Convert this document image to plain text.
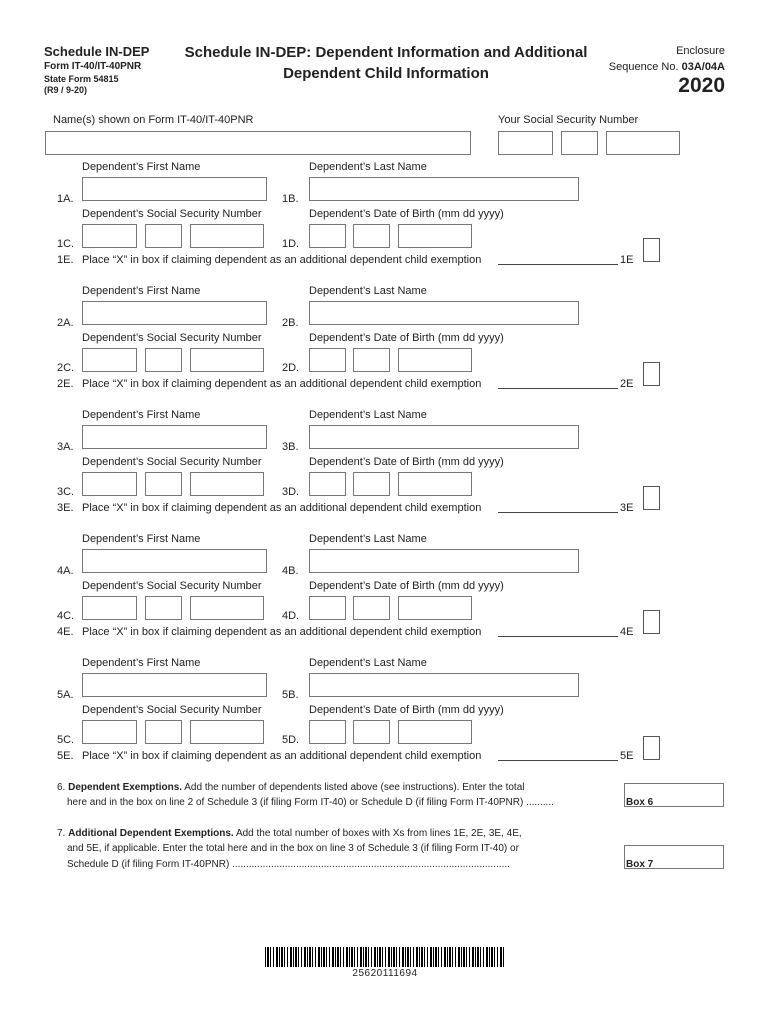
Schedule IN-DEP
Form IT-40/IT-40PNR
State Form 54815
(R9 / 9-20)
Schedule IN-DEP: Dependent Information and Additional
Dependent Child Information
Enclosure
Sequence No. 03A/04A
2020
Name(s) shown on Form IT-40/IT-40PNR	Your Social Security Number
Dependent’s First Name	Dependent’s Last Name
1A.	1B.
Dependent’s Social Security Number	Dependent’s Date of Birth (mm dd yyyy)
1C.	1D.
1E. Place “X” in box if claiming dependent as an additional dependent child exemption	1E
Dependent’s First Name	Dependent’s Last Name
2A.	2B.
Dependent’s Social Security Number	Dependent’s Date of Birth (mm dd yyyy)
2C.	2D.
2E. Place “X” in box if claiming dependent as an additional dependent child exemption	2E
Dependent’s First Name	Dependent’s Last Name
3A.	3B.
Dependent’s Social Security Number	Dependent’s Date of Birth (mm dd yyyy)
3C.	3D.
3E. Place “X” in box if claiming dependent as an additional dependent child exemption	3E
Dependent’s First Name	Dependent’s Last Name
4A.	4B.
Dependent’s Social Security Number	Dependent’s Date of Birth (mm dd yyyy)
4C.	4D.
4E. Place “X” in box if claiming dependent as an additional dependent child exemption	4E
Dependent’s First Name	Dependent’s Last Name
5A.	5B.
Dependent’s Social Security Number	Dependent’s Date of Birth (mm dd yyyy)
5C.	5D.
5E. Place “X” in box if claiming dependent as an additional dependent child exemption	5E
6. Dependent Exemptions. Add the number of dependents listed above (see instructions). Enter the total
here and in the box on line 2 of Schedule 3 (if filing Form IT-40) or Schedule D (if filing Form IT-40PNR) ..........	Box 6
7. Additional Dependent Exemptions. Add the total number of boxes with Xs from lines 1E, 2E, 3E, 4E,
and 5E, if applicable. Enter the total here and in the box on line 3 of Schedule 3 (if filing Form IT-40) or
Schedule D (if filing Form IT-40PNR) ....................................................................................................	Box 7
25620111694
